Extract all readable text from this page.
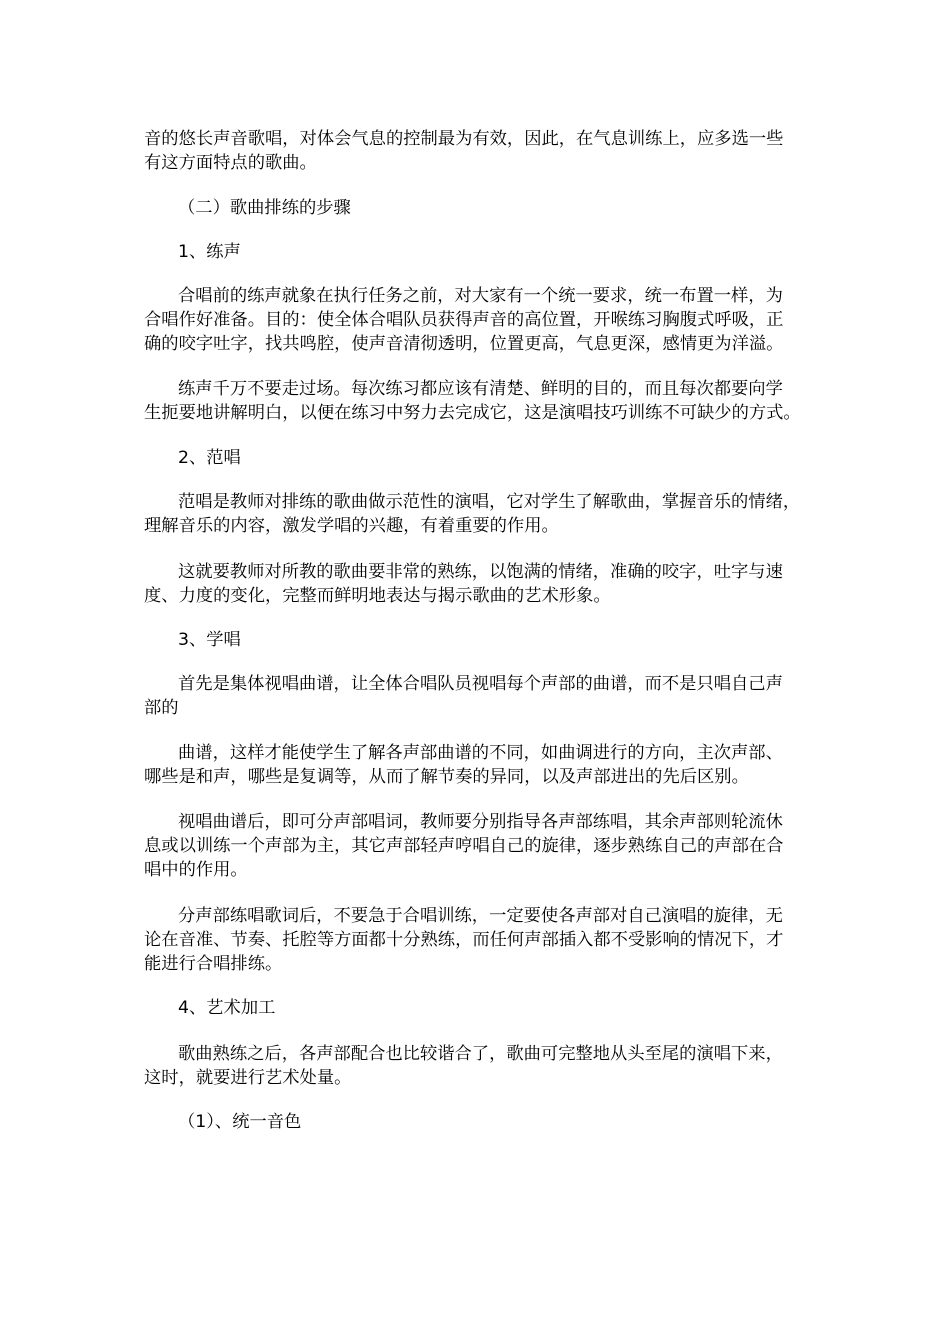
音的悠长声音歌唱，对体会气息的控制最为有效，因此，在气息训练上，应多选一些
有这方面特点的歌曲。
（二）歌曲排练的步骤
1、练声
合唱前的练声就象在执行任务之前，对大家有一个统一要求，统一布置一样，为
合唱作好准备。目的：使全体合唱队员获得声音的高位置，开喉练习胸腹式呼吸，正
确的咬字吐字，找共鸣腔，使声音清彻透明，位置更高，气息更深，感情更为洋溢。
练声千万不要走过场。每次练习都应该有清楚、鲜明的目的，而且每次都要向学
生扼要地讲解明白，以便在练习中努力去完成它，这是演唱技巧训练不可缺少的方式。
2、范唱
范唱是教师对排练的歌曲做示范性的演唱，它对学生了解歌曲，掌握音乐的情绪，
理解音乐的内容，激发学唱的兴趣，有着重要的作用。
这就要教师对所教的歌曲要非常的熟练，以饱满的情绪，准确的咬字，吐字与速
度、力度的变化，完整而鲜明地表达与揭示歌曲的艺术形象。
3、学唱
首先是集体视唱曲谱，让全体合唱队员视唱每个声部的曲谱，而不是只唱自己声
部的
曲谱，这样才能使学生了解各声部曲谱的不同，如曲调进行的方向，主次声部、
哪些是和声，哪些是复调等，从而了解节奏的异同，以及声部进出的先后区别。
视唱曲谱后，即可分声部唱词，教师要分别指导各声部练唱，其余声部则轮流休
息或以训练一个声部为主，其它声部轻声哼唱自己的旋律，逐步熟练自己的声部在合
唱中的作用。
分声部练唱歌词后，不要急于合唱训练，一定要使各声部对自己演唱的旋律，无
论在音准、节奏、托腔等方面都十分熟练，而任何声部插入都不受影响的情况下，才
能进行合唱排练。
4、艺术加工
歌曲熟练之后，各声部配合也比较谐合了，歌曲可完整地从头至尾的演唱下来，
这时，就要进行艺术处量。
（1）、统一音色
